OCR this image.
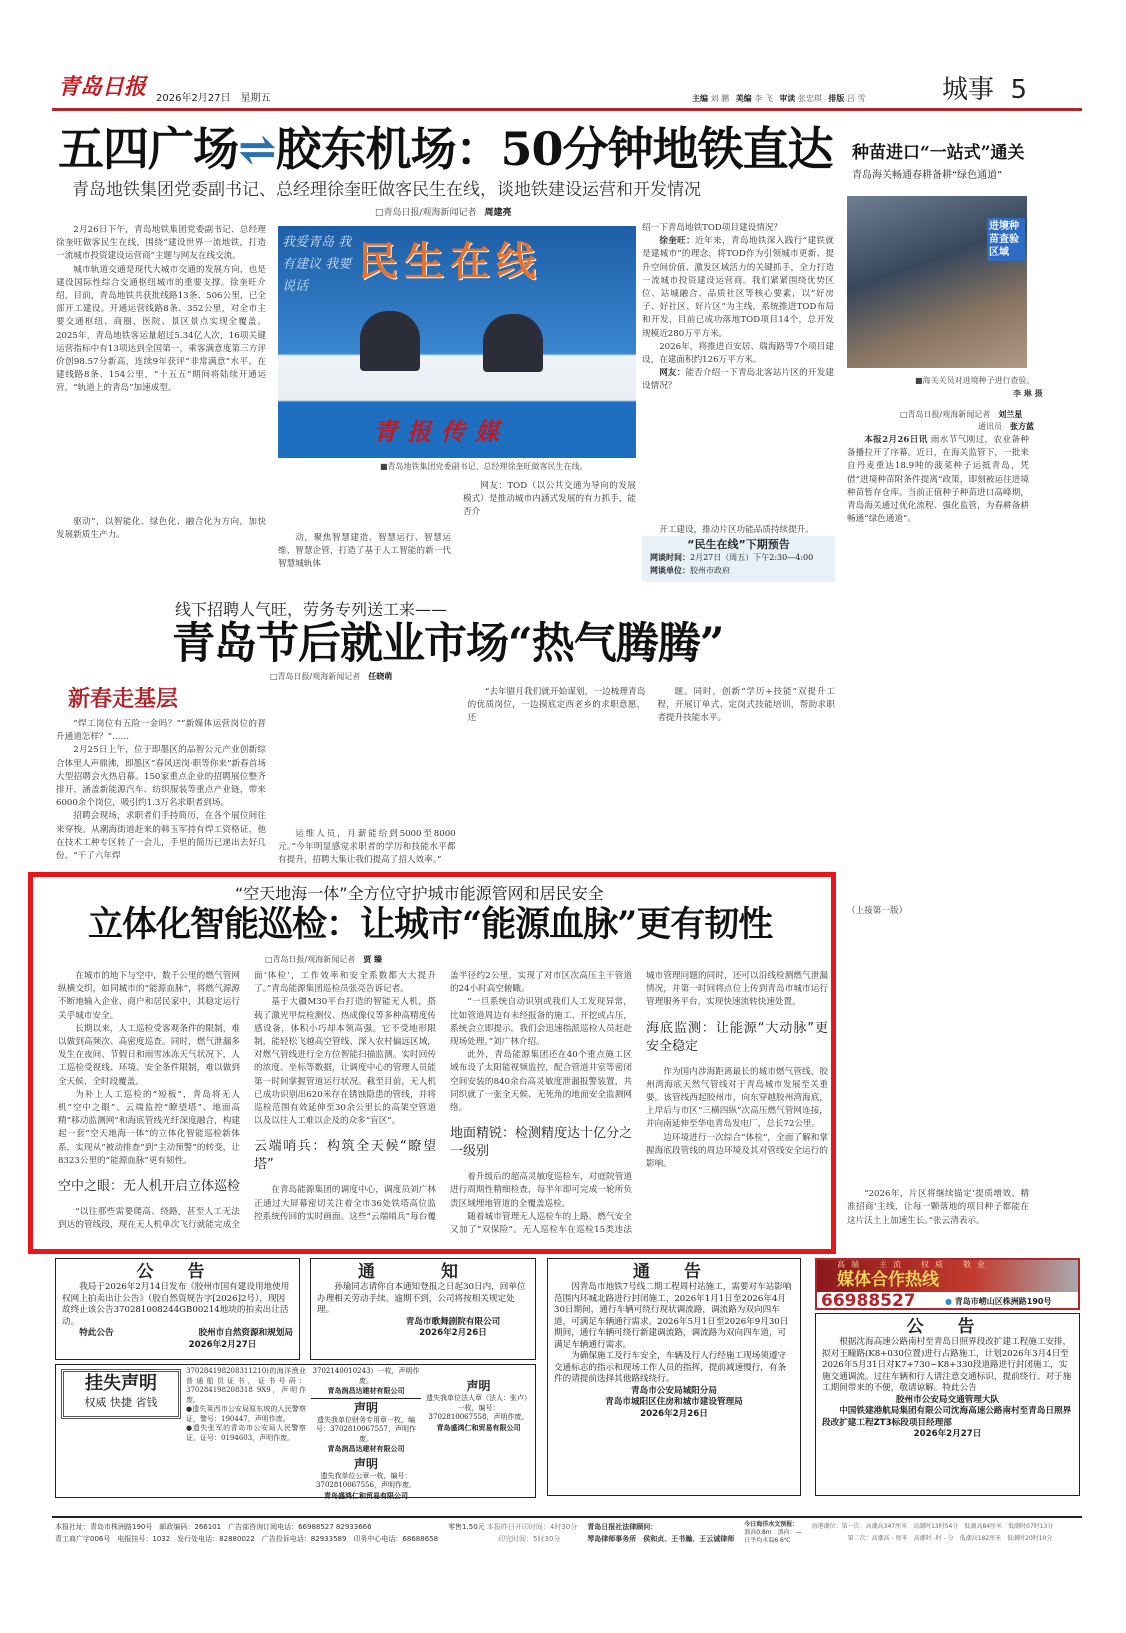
青岛日报 2026年2月27日　星期五	主编 刘 鹏 美编 李 飞 审读 张忠琪 排版 吕 雪	城事 5
五四广场⇌胶东机场：50分钟地铁直达
青岛地铁集团党委副书记、总经理徐奎旺做客民生在线，谈地铁建设运营和开发情况
□青岛日报/观海新闻记者 周建亮

2月26日下午，青岛地铁集团党委副书记、总经理徐奎旺做客民生在线，围绕“建设世界一流地铁，打造一流城市投资建设运营商”主题与网友在线交流。

城市轨道交通是现代大城市交通的发展方向，也是建设国际性综合交通枢纽城市的重要支撑。徐奎旺介绍，目前，青岛地铁共获批线路13条、506公里，已全部开工建设。开通运营线路8条、352公里，对全市主要交通枢纽、商圈、医院、景区景点实现全覆盖。2025年，青岛地铁客运量超过5.34亿人次，16项关键运营指标中有13项达到全国第一，乘客满意度第三方评价创98.57分新高，连续9年获评“非常满意”水平。在建线路8条、154公里，“十五五”期间将陆续开通运营，“轨道上的青岛”加速成型。

驱动”，以智能化、绿色化、融合化为方向，加快发展新质生产力。

民生在线
我爱青岛 我有建议 我要说话
青报传媒
■青岛地铁集团党委副书记、总经理徐奎旺做客民生在线。

动，聚焦智慧建造、智慧运行、智慧运维、智慧企管，打造了基于人工智能的新一代智慧城轨体

网友：TOD（以公共交通为导向的发展模式）是推动城市内涵式发展的有力抓手，能否介

绍一下青岛地铁TOD项目建设情况？

徐奎旺：近年来，青岛地铁深入践行“建铁就是建城市”的理念，将TOD作为引领城市更新、提升空间价值、激发区域活力的关键抓手，全力打造一流城市投资建设运营商。我们紧紧围绕优势区位、站城融合、品质社区等核心要素，以“好房子、好社区、好片区”为主线，系统推进TOD布局和开发，目前已成功落地TOD项目14个，总开发规模近280万平方米。

2026年，将推进百安居、瑞海路等7个项目建设，在建面积约126万平方米。

网友：能否介绍一下青岛北客站片区的开发建设情况？

开工建设，推动片区功能品质持续提升。

“民生在线”下期预告
网谈时间：2月27日（周五）下午2:30—4:00
网谈单位：胶州市政府
种苗进口“一站式”通关
青岛海关畅通春耕备耕“绿色通道”
进境种苗查验区域
■海关关员对进境种子进行查验。
李 琳 摄
□青岛日报/观海新闻记者 刘兰星
通讯员 张方蓝

本报2月26日讯 雨水节气刚过，农业备种备播拉开了序幕。近日，在海关监管下，一批来自丹麦重达18.9吨的菠菜种子运抵青岛，凭借“进境种苗附条件提离”政策，即刻被运往进境种苗暂存仓库。当前正值种子种苗进口高峰期，青岛海关通过优化流程、强化监管，为春耕备耕畅通“绿色通道”。

（上接第一版）

“2026年，片区将继续锚定‘提质增效、精准招商’主线，让每一颗落地的项目种子都能在这片沃土上加速生长。”张云清表示。

线下招聘人气旺，劳务专列送工来——
青岛节后就业市场“热气腾腾”
□青岛日报/观海新闻记者 任晓萌
新春走基层

“焊工岗位有五险一金吗？”“新媒体运营岗位的晋升通道怎样？”……

2月25日上午，位于即墨区的品智公元产业创新综合体里人声鼎沸，即墨区“春风送岗·职等你来”新春首场大型招聘会火热启幕。150家重点企业的招聘展位整齐排开，涵盖新能源汽车、纺织服装等重点产业链，带来6000余个岗位，吸引约1.3万名求职者到场。

招聘会现场，求职者们手持简历，在各个展位间往来穿梭。从潮海街道赶来的韩玉军持有焊工资格证，他在技术工种专区转了一会儿，手里的简历已递出去好几份。“干了六年焊

运维人员，月薪能给到5000至8000元。”今年明显感觉求职者的学历和技能水平都有提升，招聘大集让我们提高了招人效率。”

“去年腊月我们就开始谋划，一边梳理青岛的优质岗位，一边摸底定西老乡的求职意愿，还

题。同时，创新“学历+技能”双提升工程，开展订单式、定岗式技能培训，帮助求职者提升技能水平。

“空天地海一体”全方位守护城市能源管网和居民安全
立体化智能巡检：让城市“能源血脉”更有韧性
□青岛日报/观海新闻记者 贾 臻

在城市的地下与空中，数千公里的燃气管网纵横交织，如同城市的“能源血脉”，将燃气源源不断地输入企业、商户和居民家中，其稳定运行关乎城市安全。

长期以来，人工巡检受客观条件的限制，难以做到高频次、高密度巡查。同时，燃气泄漏多发生在夜间、节假日和雨雪冰冻天气状况下，人工巡检受视线、环境、安全条件限制，难以做到全天候、全时段覆盖。

为补上人工巡检的“短板”，青岛将无人机“空中之眼”、云端监控“瞭望塔”、地面高精“移动监测网”和海底管线光纤深度融合，构建起一套“空天地海一体”的立体化智能巡检新体系，实现从“被动排查”到“主动预警”的转变，让8323公里的“能源血脉”更有韧性。

空中之眼：无人机开启立体巡检

“以往那些需要爬高、绕路，甚至人工无法到达的管线段，现在无人机单次飞行就能完成全面‘体检’，工作效率和安全系数都大大提升了。”青岛能源集团巡检员张亮告诉记者。

基于大疆M30平台打造的智能无人机，搭载了激光甲烷检测仪、热成像仪等多种高精度传感设备，体积小巧却本领高强。它不受地形限制，能轻松飞越高空管线、深入农村偏远区域，对燃气管线进行全方位智能扫描监测。实时回传的浓度、坐标等数据，让调度中心的管理人员能第一时间掌握管道运行状况。截至目前，无人机已成功识别出620米存在锈蚀隐患的管线，并将巡检范围有效延伸至30余公里长的高架空管道以及以往人工难以企及的众多“盲区”。

云端哨兵：构筑全天候“瞭望塔”

在青岛能源集团的调度中心，调度员刘广林正通过大屏幕密切关注着全市36处铁塔高位监控系统传回的实时画面。这些“云端哨兵”每台覆盖半径约2公里，实现了对市区次高压主干管道的24小时高空俯瞰。

“一旦系统自动识别或我们人工发现异常，比如管道周边有未经报备的施工、开挖或占压，系统会立即提示。我们会迅速指派巡检人员赶赴现场处理。”刘广林介绍。

此外，青岛能源集团还在40个重点施工区域布设了太阳能视频监控，配合管道井室等密闭空间安装的840余台高灵敏度泄漏报警装置，共同织就了一张全天候、无死角的地面安全监测网络。

地面精锐：检测精度达十亿分之一级别

着升级后的超高灵敏度巡检车，对庭院管道进行周期性精细检查，每半年即可完成一轮所负责区域埋地管道的全覆盖巡检。

随着城市管理无人巡检车的上路，燃气安全又加了“双保险”。无人巡检车在巡检15类违法城市管理问题的同时，还可以沿线检测燃气泄漏情况，并第一时间将点位上传到青岛市城市运行管理服务平台，实现快速流转快速处置。

海底监测：让能源“大动脉”更安全稳定

作为国内涉海距离最长的城市燃气管线，胶州湾海底天然气管线对于青岛城市发展至关重要。该管线西起胶州市，向东穿越胶州湾海底，上岸后与市区“三横四纵”次高压燃气管网连接，并向南延伸至华电青岛发电厂，总长72公里。

边环境进行一次综合“体检”，全面了解和掌握海底段管线的周边环境及其对管线安全运行的影响。

公 告

我局于2026年2月14日发布《胶州市国有建设用地使用权网上拍卖出让公告》（胶自然资规告字[2026]2号），现因故终止该公告370281008244GB00214地块的拍卖出让活动。

特此公告	胶州市自然资源和规划局
2026年2月27日
通 知

孙瑜同志请你自本通知登报之日起30日内，回单位办理相关劳动手续。逾期不到，公司将按相关规定处理。

青岛市歌舞剧院有限公司
2026年2月26日
通 告

因青岛市地铁7号线二期工程周村站施工，需要对车站影响范围内环城北路进行封闭施工，2026年1月1日至2026年4月30日期间，通行车辆可绕行现状调流路，调流路为双向四车道，可满足车辆通行需求。2026年5月1日至2026年9月30日期间，通行车辆可绕行新建调流路，调流路为双向四车道，可满足车辆通行需求。

为确保施工及行车安全，车辆及行人行经施工现场须遵守交通标志的指示和现场工作人员的指挥，提前减速慢行，有条件的请提前选择其他路线绕行。

青岛市公安局城阳分局
青岛市城阳区住房和城市建设管理局
2026年2月26日
高端　主流　权威　敬业
媒体合作热线
66988527	● 青岛市崂山区株洲路190号
公 告

根据沈海高速公路南村至青岛日照界段改扩建工程施工安排，拟对王疃路(K8+030位置)进行占路施工，计划2026年3月4日至2026年5月31日对K7+730~K8+330段道路进行封闭施工，实施交通调流。过往车辆和行人请注意交通标识，提前绕行。对于施工期间带来的不便，敬请谅解。特此公告

胶州市公安局交通管理大队
中国铁建港航局集团有限公司沈海高速公路南村至青岛日照界段改扩建工程ZT3标段项目经理部
2026年2月27日
挂失声明
权威 快捷 省钱
370284198208311210)的海洋渔业普通船员证书，证书号码：370284198208318 9X9，声明作废。
●遗失莱西市公安局原东坡的人民警察证，警号：190447，声明作废。
●遗失张军的青岛市公安局人民警察证，证号：0194603，声明作废。
3702140010243）一枚，声明作废。
青岛润昌达建材有限公司
声明
遗失我单位财务专用章一枚，编号：3702810067557，声明作废。
青岛润昌达建材有限公司
声明
遗失我单位公章一枚，编号：3702810067556，声明作废。
青岛盛鸿仁和贸易有限公司
声明
遗失我单位法人章（法人：张卢）一枚，编号：3702810067558，声明作废。
青岛盛鸿仁和贸易有限公司
本报社址：青岛市株洲路190号　邮政编码：266101　广告部咨询订阅电话：66988527 82933666
青工商广字006号　电报挂号：1032　发行处电话：82880022　广告投诉电话：82933589　印务中心电话：68688658
零售1.50元 本报昨日开印时间：4时30分
印完时间：5时30分
青岛日报社法律顾问：
琴岛律师事务所　侯和贞、王书瀚、王云诚律师
今日海洋水文预报：
浪高0.8m　浪向：—
日平均水温6.6℃
海港潮位：第一次：高潮高347厘米　高潮时13时54分　低潮高84厘米　低潮时07时13分
第二次：高潮高 - 厘米　高潮时 -时 - 分　低潮高182厘米　低潮时20时10分
